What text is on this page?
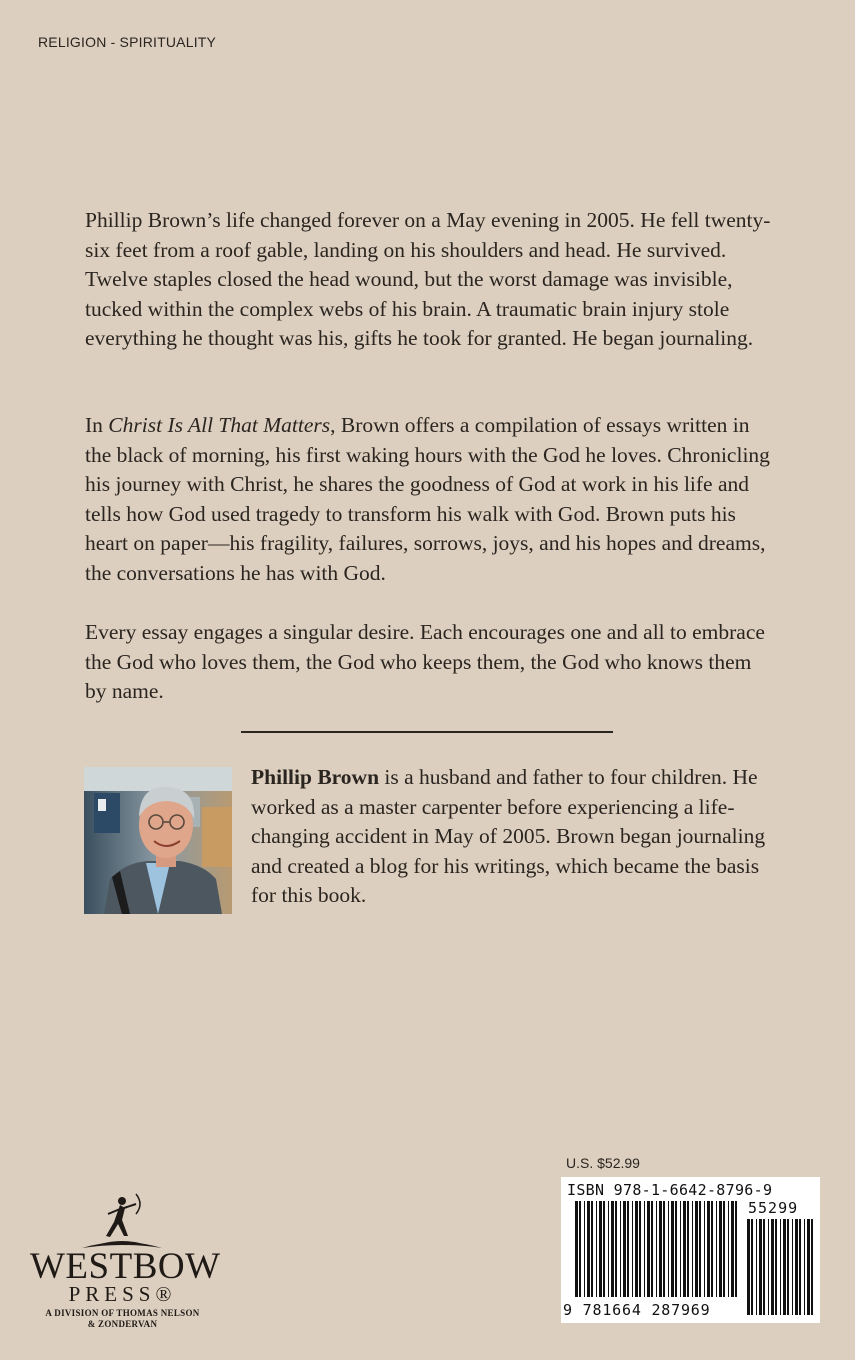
RELIGION - SPIRITUALITY

Phillip Brown’s life changed forever on a May evening in 2005. He fell twenty-six feet from a roof gable, landing on his shoulders and head. He survived. Twelve staples closed the head wound, but the worst damage was invisible, tucked within the complex webs of his brain. A traumatic brain injury stole everything he thought was his, gifts he took for granted. He began journaling.

In Christ Is All That Matters, Brown offers a compilation of essays written in the black of morning, his first waking hours with the God he loves. Chronicling his journey with Christ, he shares the goodness of God at work in his life and tells how God used tragedy to transform his walk with God. Brown puts his heart on paper—his fragility, failures, sorrows, joys, and his hopes and dreams, the conversations he has with God.

Every essay engages a singular desire. Each encourages one and all to embrace the God who loves them, the God who keeps them, the God who knows them by name.

Phillip Brown is a husband and father to four children. He worked as a master carpenter before experiencing a life-changing accident in May of 2005. Brown began journaling and created a blog for his writings, which became the basis for this book.

WESTBOW
PRESS®
A DIVISION OF THOMAS NELSON
& ZONDERVAN
U.S. $52.99
ISBN 978-1-6642-8796-9
55299
9 781664 287969
